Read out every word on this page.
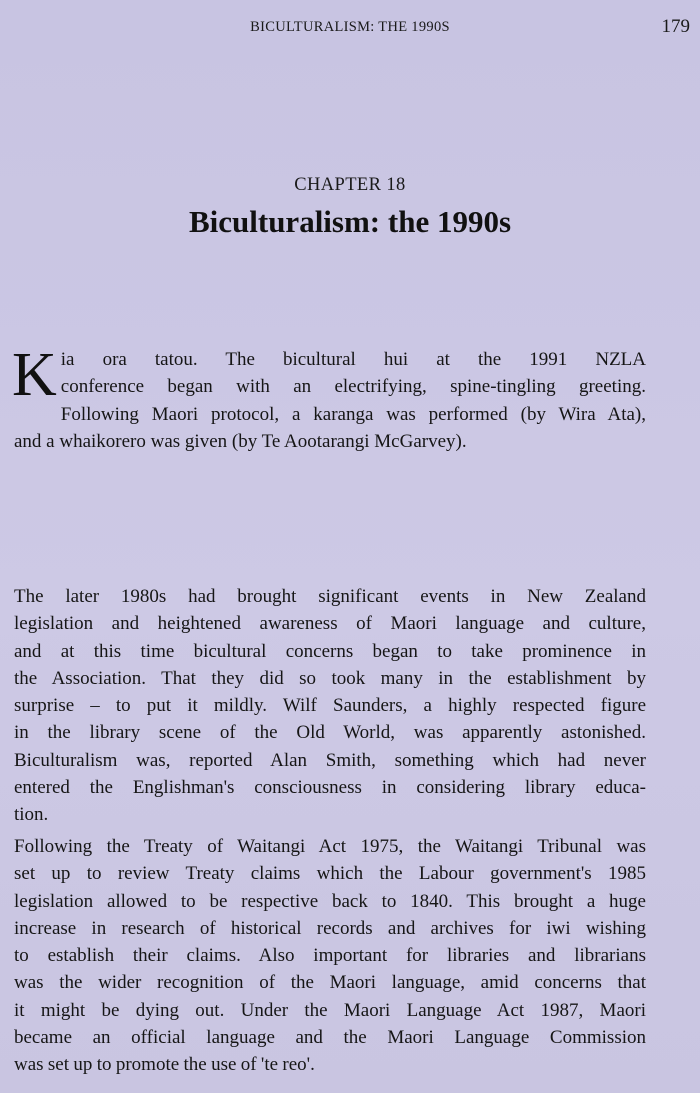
BICULTURALISM: THE 1990S	179
CHAPTER 18
Biculturalism: the 1990s
K ia ora tatou. The bicultural hui at the 1991 NZLA
conference began with an electrifying, spine-tingling greeting.
Following Maori protocol, a karanga was performed (by Wira Ata),
and a whaikorero was given (by Te Aootarangi McGarvey).
The later 1980s had brought significant events in New Zealand
legislation and heightened awareness of Maori language and culture,
and at this time bicultural concerns began to take prominence in
the Association. That they did so took many in the establishment by
surprise – to put it mildly. Wilf Saunders, a highly respected figure
in the library scene of the Old World, was apparently astonished.
Biculturalism was, reported Alan Smith, something which had never
entered the Englishman's consciousness in considering library educa-
tion.
Following the Treaty of Waitangi Act 1975, the Waitangi Tribunal was
set up to review Treaty claims which the Labour government's 1985
legislation allowed to be respective back to 1840. This brought a huge
increase in research of historical records and archives for iwi wishing
to establish their claims. Also important for libraries and librarians
was the wider recognition of the Maori language, amid concerns that
it might be dying out. Under the Maori Language Act 1987, Maori
became an official language and the Maori Language Commission
was set up to promote the use of 'te reo'.
